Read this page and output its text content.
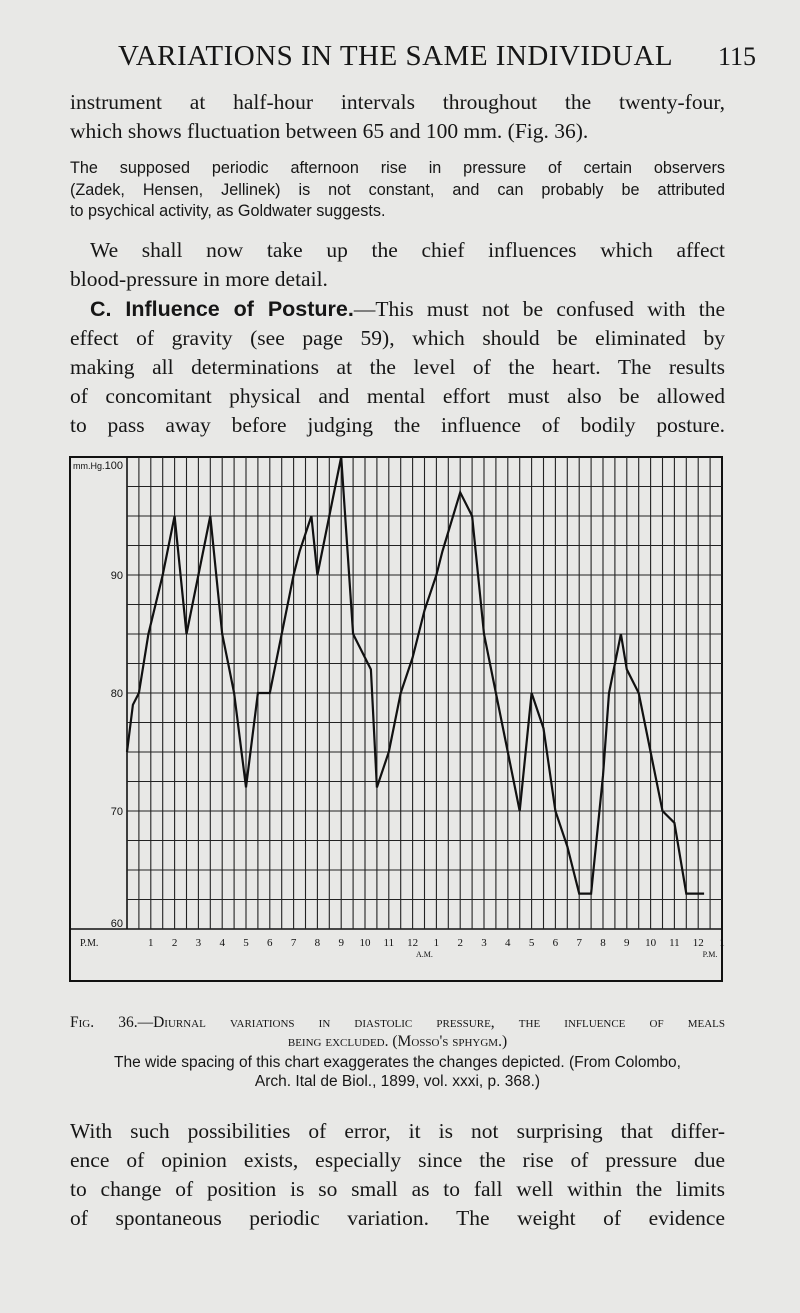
VARIATIONS IN THE SAME INDIVIDUAL 115
instrument at half-hour intervals throughout the twenty-four,
which shows fluctuation between 65 and 100 mm. (Fig. 36).
The supposed periodic afternoon rise in pressure of certain observers
(Zadek, Hensen, Jellinek) is not constant, and can probably be attributed
to psychical activity, as Goldwater suggests.
We shall now take up the chief influences which affect
blood-pressure in more detail.
C. Influence of Posture.—This must not be confused with the
effect of gravity (see page 59), which should be eliminated by
making all determinations at the level of the heart. The results
of concomitant physical and mental effort must also be allowed
to pass away before judging the influence of bodily posture.
100
90
80
70
60
mm.Hg.
P.M.	1 2 3 4 5 6 7 8 9 10 11 12 1 2 3 4 5 6 7 8 9 10 11 12 1
A.M.	P.M.
Fig. 36.—Diurnal variations in diastolic pressure, the influence of meals
being excluded. (Mosso's sphygm.)
The wide spacing of this chart exaggerates the changes depicted. (From Colombo,
Arch. Ital de Biol., 1899, vol. xxxi, p. 368.)
With such possibilities of error, it is not surprising that differ-
ence of opinion exists, especially since the rise of pressure due
to change of position is so small as to fall well within the limits
of spontaneous periodic variation. The weight of evidence
